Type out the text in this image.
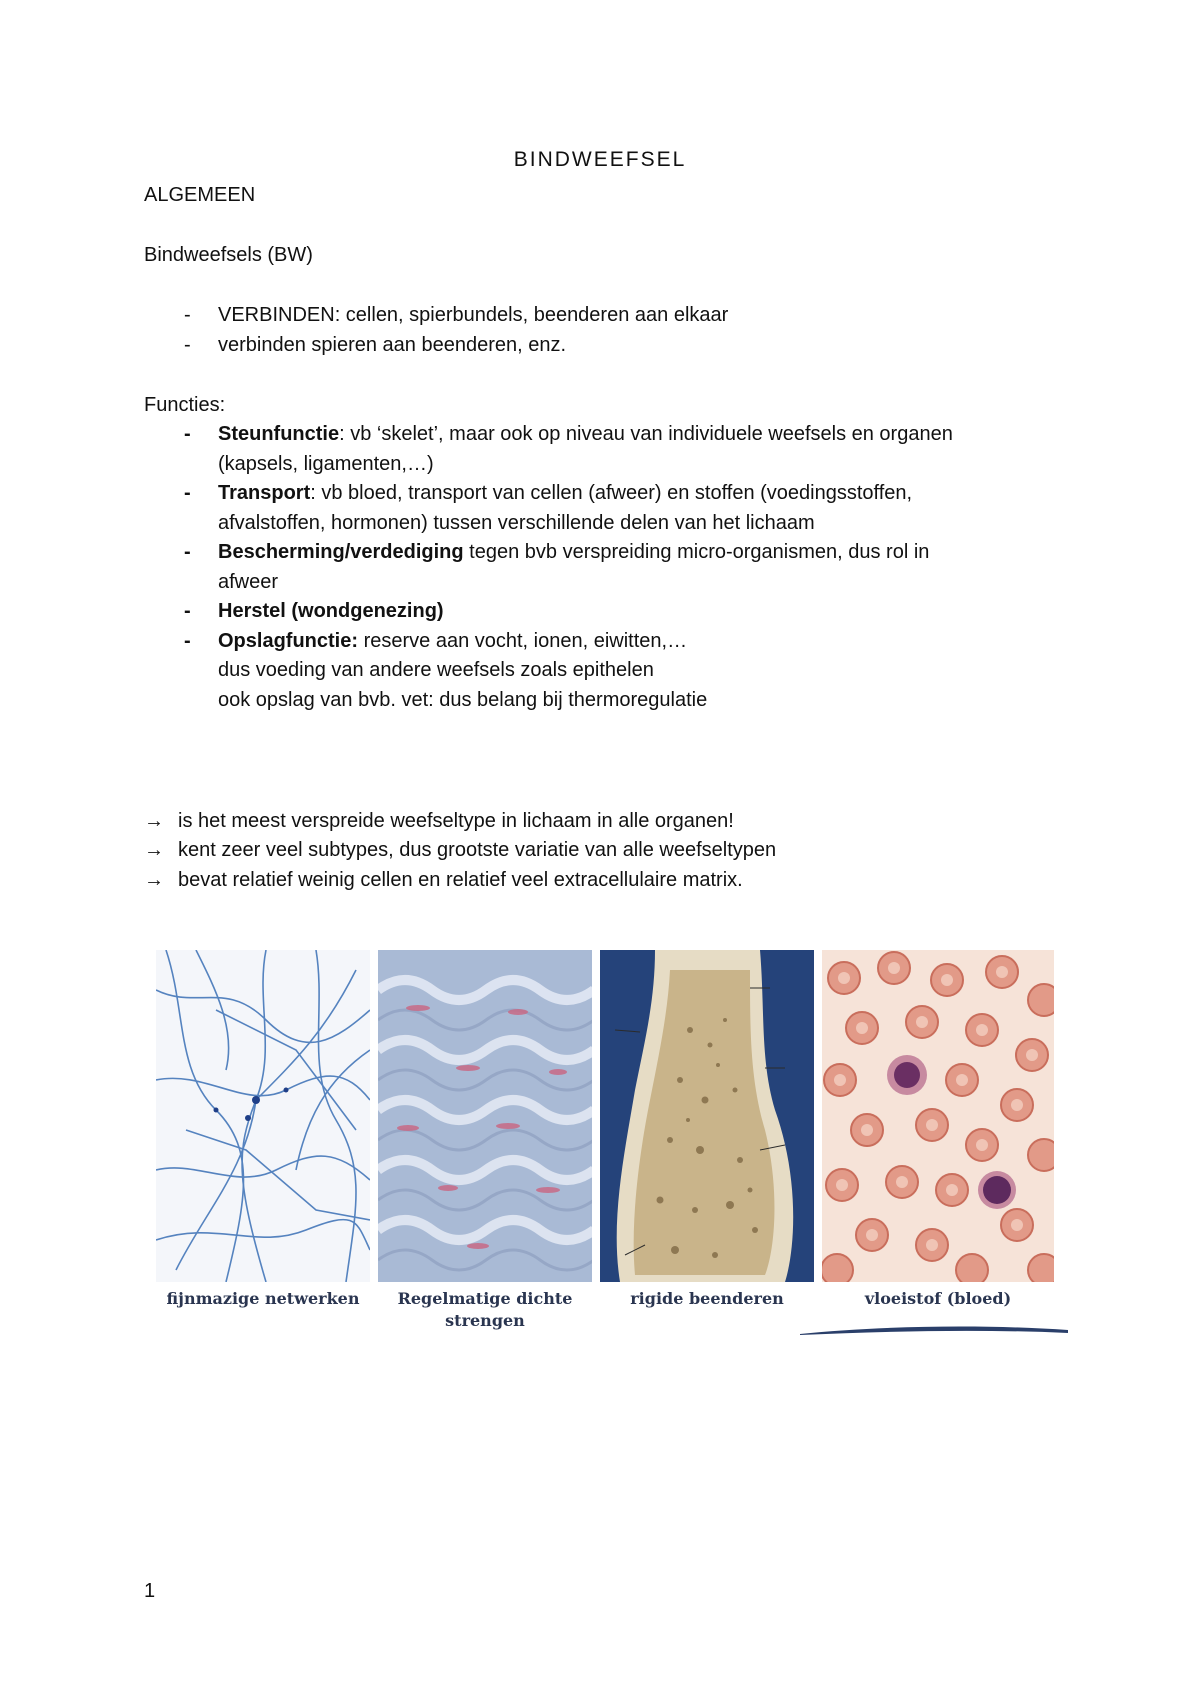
BINDWEEFSEL
ALGEMEEN
Bindweefsels (BW)
- VERBINDEN: cellen, spierbundels, beenderen aan elkaar
- verbinden spieren aan beenderen, enz.
Functies:
- Steunfunctie: vb ‘skelet’, maar ook op niveau van individuele weefsels en organen
(kapsels, ligamenten,…)
- Transport: vb bloed, transport van cellen (afweer) en stoffen (voedingsstoffen,
afvalstoffen, hormonen) tussen verschillende delen van het lichaam
- Bescherming/verdediging tegen bvb verspreiding micro-organismen, dus rol in
afweer
- Herstel (wondgenezing)
- Opslagfunctie: reserve aan vocht, ionen, eiwitten,…
dus voeding van andere weefsels zoals epithelen
ook opslag van bvb. vet: dus belang bij thermoregulatie
→ is het meest verspreide weefseltype in lichaam in alle organen!
→ kent zeer veel subtypes, dus grootste variatie van alle weefseltypen
→ bevat relatief weinig cellen en relatief veel extracellulaire matrix.
fijnmazige netwerken	Regelmatige dichte strengen
rigide beenderen	vloeistof (bloed)
1
